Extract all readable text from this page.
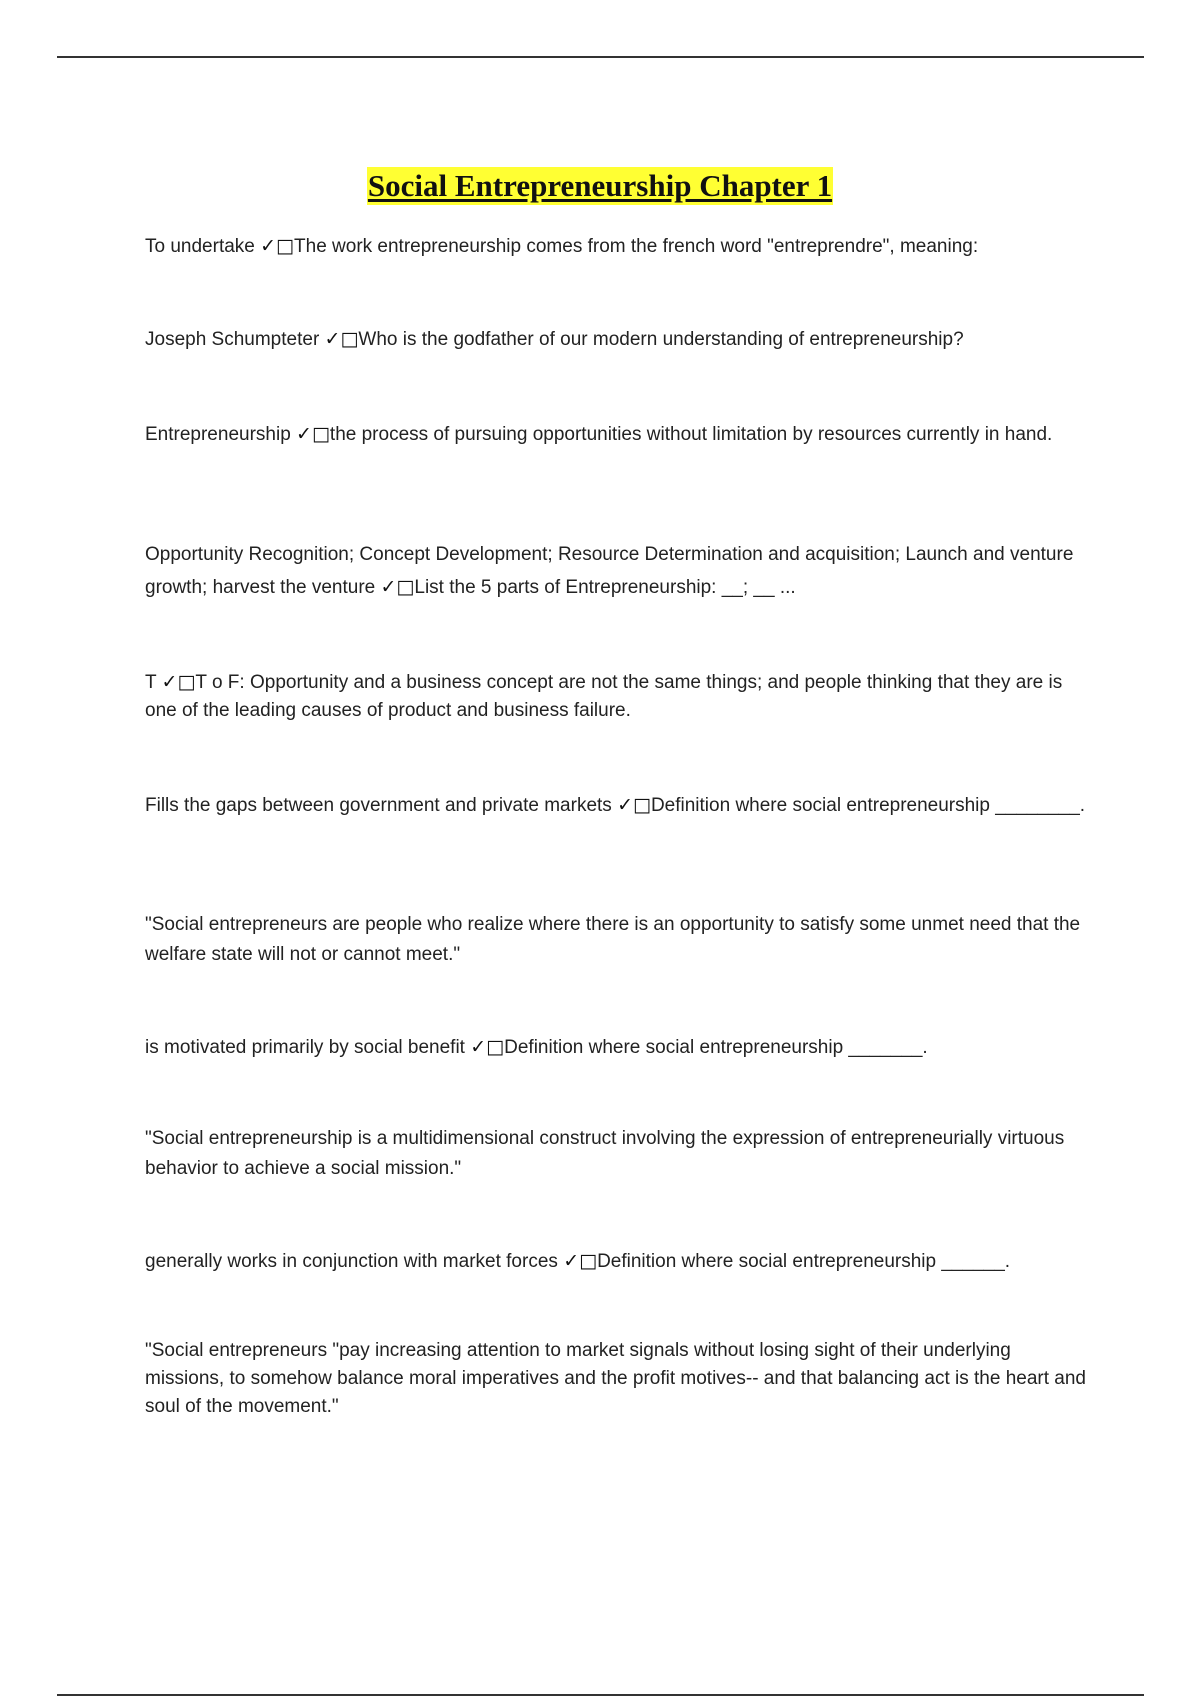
Social Entrepreneurship Chapter 1
To undertake ✓□The work entrepreneurship comes from the french word "entreprendre", meaning:
Joseph Schumpteter ✓□Who is the godfather of our modern understanding of entrepreneurship?
Entrepreneurship ✓□the process of pursuing opportunities without limitation by resources currently in hand.
Opportunity Recognition; Concept Development; Resource Determination and acquisition; Launch and venture growth; harvest the venture ✓□List the 5 parts of Entrepreneurship: __; __ ...
T ✓□T o F: Opportunity and a business concept are not the same things; and people thinking that they are is one of the leading causes of product and business failure.
Fills the gaps between government and private markets ✓□Definition where social entrepreneurship ________.
"Social entrepreneurs are people who realize where there is an opportunity to satisfy some unmet need that the welfare state will not or cannot meet."
is motivated primarily by social benefit ✓□Definition where social entrepreneurship _______.
"Social entrepreneurship is a multidimensional construct involving the expression of entrepreneurially virtuous behavior to achieve a social mission."
generally works in conjunction with market forces ✓□Definition where social entrepreneurship ______.
"Social entrepreneurs "pay increasing attention to market signals without losing sight of their underlying missions, to somehow balance moral imperatives and the profit motives-- and that balancing act is the heart and soul of the movement."
